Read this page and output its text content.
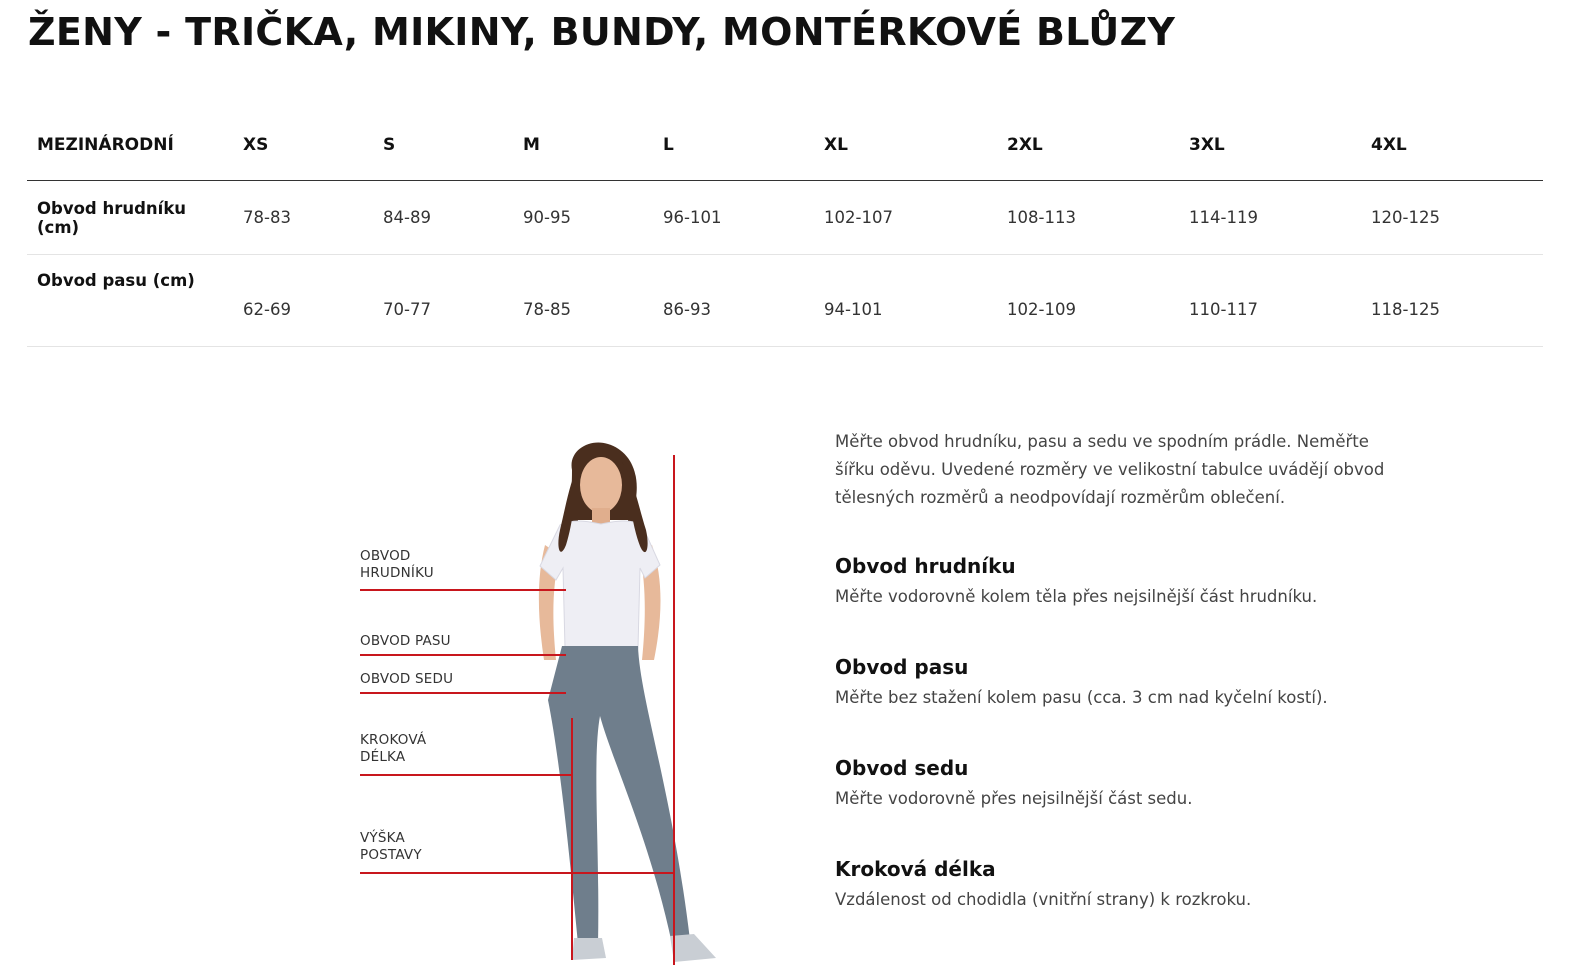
ŽENY - TRIČKA, MIKINY, BUNDY, MONTÉRKOVÉ BLŮZY
MEZINÁRODNÍ	XS	S	M	L	XL	2XL	3XL	4XL
Obvod hrudníku (cm)	78-83	84-89	90-95	96-101	102-107	108-113	114-119	120-125
Obvod pasu (cm)	62-69	70-77	78-85	86-93	94-101	102-109	110-117	118-125
OBVOD
HRUDNÍKU
OBVOD PASU
OBVOD SEDU
KROKOVÁ
DÉLKA
VÝŠKA
POSTAVY

Měřte obvod hrudníku, pasu a sedu ve spodním prádle. Neměřte
šířku oděvu. Uvedené rozměry ve velikostní tabulce uvádějí obvod
tělesných rozměrů a neodpovídají rozměrům oblečení.

Obvod hrudníku

Měřte vodorovně kolem těla přes nejsilnější část hrudníku.

Obvod pasu

Měřte bez stažení kolem pasu (cca. 3 cm nad kyčelní kostí).

Obvod sedu

Měřte vodorovně přes nejsilnější část sedu.

Kroková délka

Vzdálenost od chodidla (vnitřní strany) k rozkroku.
